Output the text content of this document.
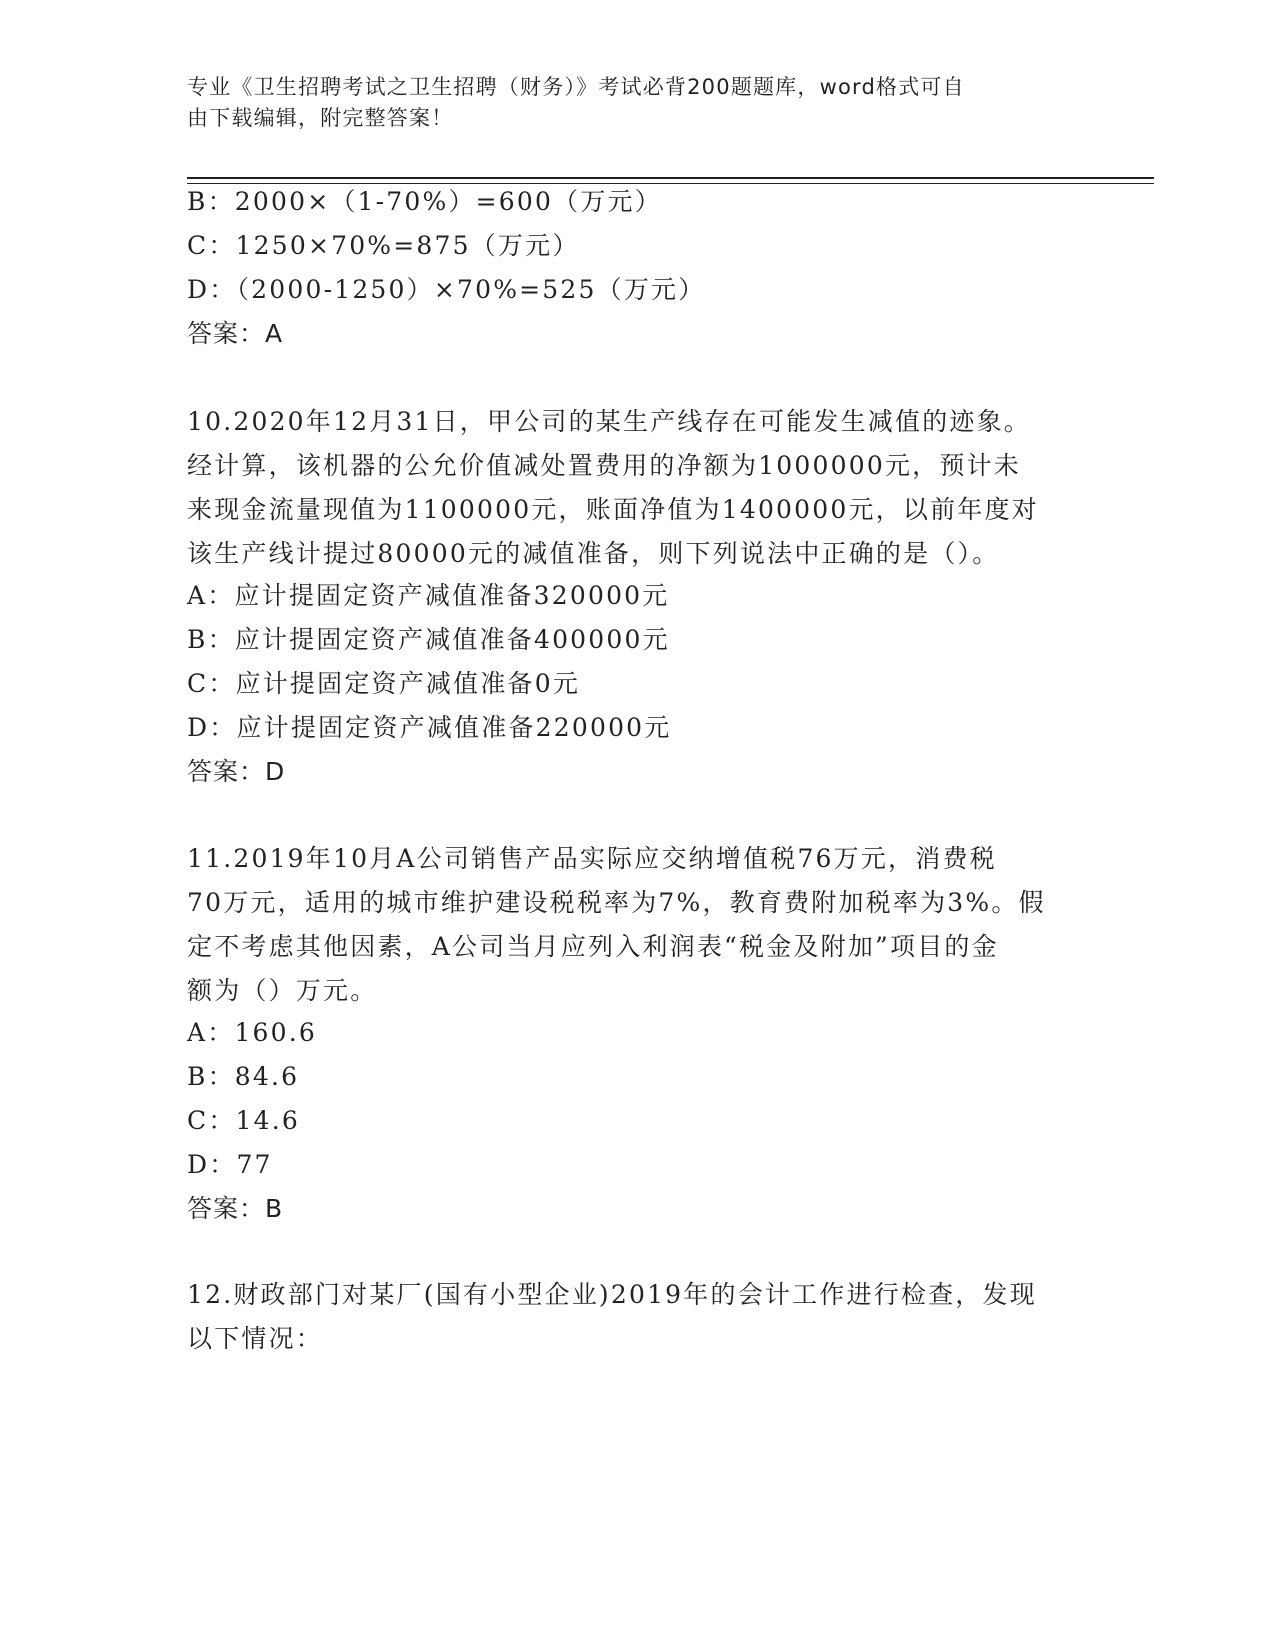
专业《卫生招聘考试之卫生招聘（财务）》考试必背200题题库，word格式可自
由下载编辑，附完整答案！
B：2000×（1-70%）=600（万元）
C：1250×70%=875（万元）
D：（2000-1250）×70%=525（万元）
答案：A
10.2020年12月31日，甲公司的某生产线存在可能发生减值的迹象。
经计算，该机器的公允价值减处置费用的净额为1000000元，预计未
来现金流量现值为1100000元，账面净值为1400000元，以前年度对
该生产线计提过80000元的减值准备，则下列说法中正确的是（）。
A：应计提固定资产减值准备320000元
B：应计提固定资产减值准备400000元
C：应计提固定资产减值准备0元
D：应计提固定资产减值准备220000元
答案：D
11.2019年10月A公司销售产品实际应交纳增值税76万元，消费税
70万元，适用的城市维护建设税税率为7%，教育费附加税率为3%。假
定不考虑其他因素，A公司当月应列入利润表“税金及附加”项目的金
额为（）万元。
A：160.6
B：84.6
C：14.6
D：77
答案：B
12.财政部门对某厂(国有小型企业)2019年的会计工作进行检查，发现
以下情况：
